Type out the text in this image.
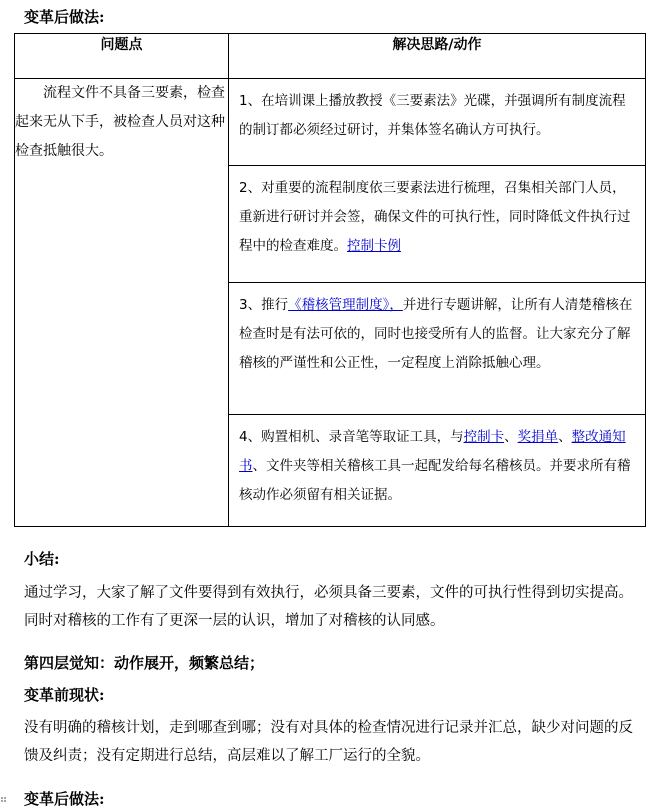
变革后做法:
问题点	解决思路/动作

流程文件不具备三要素，检查起来无从下手，被检查人员对这种检查抵触很大。	1、在培训课上播放教授《三要素法》光碟，并强调所有制度流程的制订都必须经过研讨，并集体签名确认方可执行。
2、对重要的流程制度依三要素法进行梳理，召集相关部门人员，重新进行研讨并会签，确保文件的可执行性，同时降低文件执行过程中的检查难度。控制卡例
3、推行《稽核管理制度》，并进行专题讲解，让所有人清楚稽核在检查时是有法可依的，同时也接受所有人的监督。让大家充分了解稽核的严谨性和公正性，一定程度上消除抵触心理。
4、购置相机、录音笔等取证工具，与控制卡、奖捐单、整改通知书、文件夹等相关稽核工具一起配发给每名稽核员。并要求所有稽核动作必须留有相关证据。
小结:
通过学习，大家了解了文件要得到有效执行，必须具备三要素，文件的可执行性得到切实提高。同时对稽核的工作有了更深一层的认识，增加了对稽核的认同感。
第四层觉知：动作展开，频繁总结；
变革前现状:
没有明确的稽核计划，走到哪查到哪；没有对具体的检查情况进行记录并汇总，缺少对问题的反馈及纠责；没有定期进行总结，高层难以了解工厂运行的全貌。
变革后做法:
